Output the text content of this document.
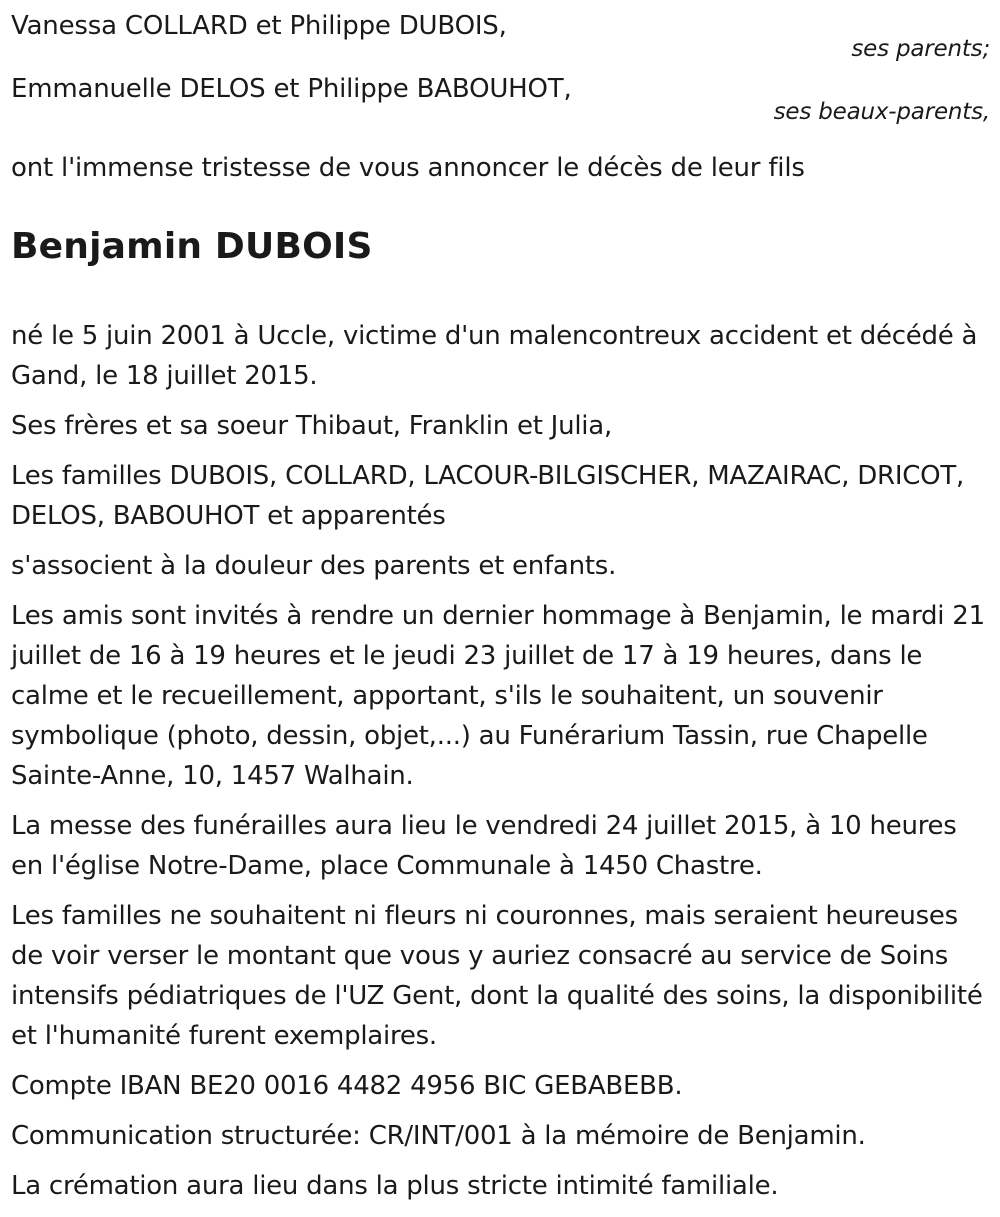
Vanessa COLLARD et Philippe DUBOIS,

ses parents;

Emmanuelle DELOS et Philippe BABOUHOT,

ses beaux-parents,

ont l'immense tristesse de vous annoncer le décès de leur fils

Benjamin DUBOIS

né le 5 juin 2001 à Uccle, victime d'un malencontreux accident et décédé à Gand, le 18 juillet 2015.

Ses frères et sa soeur Thibaut, Franklin et Julia,

Les familles DUBOIS, COLLARD, LACOUR-BILGISCHER, MAZAIRAC, DRICOT, DELOS, BABOUHOT et apparentés

s'associent à la douleur des parents et enfants.

Les amis sont invités à rendre un dernier hommage à Benjamin, le mardi 21 juillet de 16 à 19 heures et le jeudi 23 juillet de 17 à 19 heures, dans le calme et le recueillement, apportant, s'ils le souhaitent, un souvenir symbolique (photo, dessin, objet,...) au Funérarium Tassin, rue Chapelle Sainte-Anne, 10, 1457 Walhain.

La messe des funérailles aura lieu le vendredi 24 juillet 2015, à 10 heures en l'église Notre-Dame, place Communale à 1450 Chastre.

Les familles ne souhaitent ni fleurs ni couronnes, mais seraient heureuses de voir verser le montant que vous y auriez consacré au service de Soins intensifs pédiatriques de l'UZ Gent, dont la qualité des soins, la disponibilité et l'humanité furent exemplaires.

Compte IBAN BE20 0016 4482 4956 BIC GEBABEBB.

Communication structurée: CR/INT/001 à la mémoire de Benjamin.

La crémation aura lieu dans la plus stricte intimité familiale.
